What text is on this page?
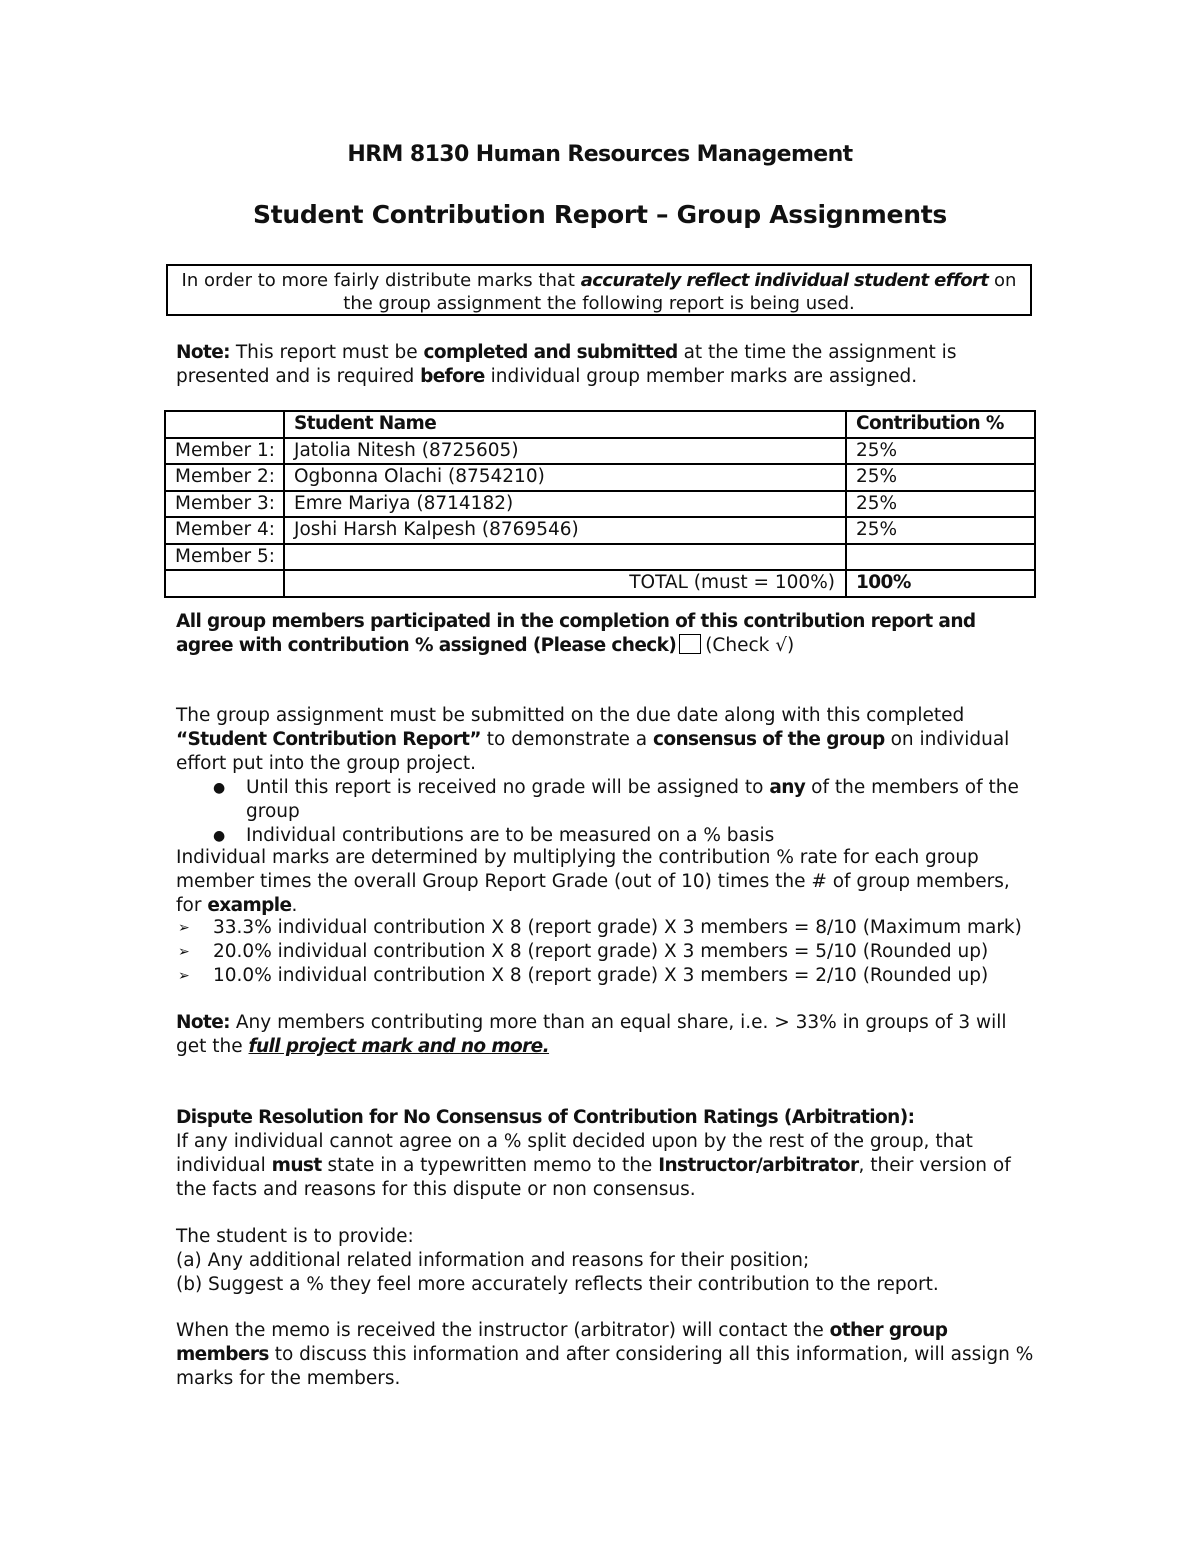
HRM 8130 Human Resources Management
Student Contribution Report – Group Assignments
In order to more fairly distribute marks that accurately reflect individual student effort on the group assignment the following report is being used.
Note: This report must be completed and submitted at the time the assignment is presented and is required before individual group member marks are assigned.
	Student Name	Contribution %
Member 1:	Jatolia Nitesh (8725605)	25%
Member 2:	Ogbonna Olachi (8754210)	25%
Member 3:	Emre Mariya (8714182)	25%
Member 4:	Joshi Harsh Kalpesh (8769546)	25%
Member 5:		
	TOTAL (must = 100%)	100%
All group members participated in the completion of this contribution report and agree with contribution % assigned (Please check) (Check √)
The group assignment must be submitted on the due date along with this completed “Student Contribution Report” to demonstrate a consensus of the group on individual effort put into the group project.
● Until this report is received no grade will be assigned to any of the members of the group
● Individual contributions are to be measured on a % basis
Individual marks are determined by multiplying the contribution % rate for each group member times the overall Group Report Grade (out of 10) times the # of group members, for example.
➢ 33.3% individual contribution X 8 (report grade) X 3 members = 8/10 (Maximum mark)
➢ 20.0% individual contribution X 8 (report grade) X 3 members = 5/10 (Rounded up)
➢ 10.0% individual contribution X 8 (report grade) X 3 members = 2/10 (Rounded up)
Note: Any members contributing more than an equal share, i.e. > 33% in groups of 3 will get the full project mark and no more.
Dispute Resolution for No Consensus of Contribution Ratings (Arbitration):
If any individual cannot agree on a % split decided upon by the rest of the group, that individual must state in a typewritten memo to the Instructor/arbitrator, their version of the facts and reasons for this dispute or non consensus.
The student is to provide:
(a) Any additional related information and reasons for their position;
(b) Suggest a % they feel more accurately reflects their contribution to the report.
When the memo is received the instructor (arbitrator) will contact the other group members to discuss this information and after considering all this information, will assign % marks for the members.
